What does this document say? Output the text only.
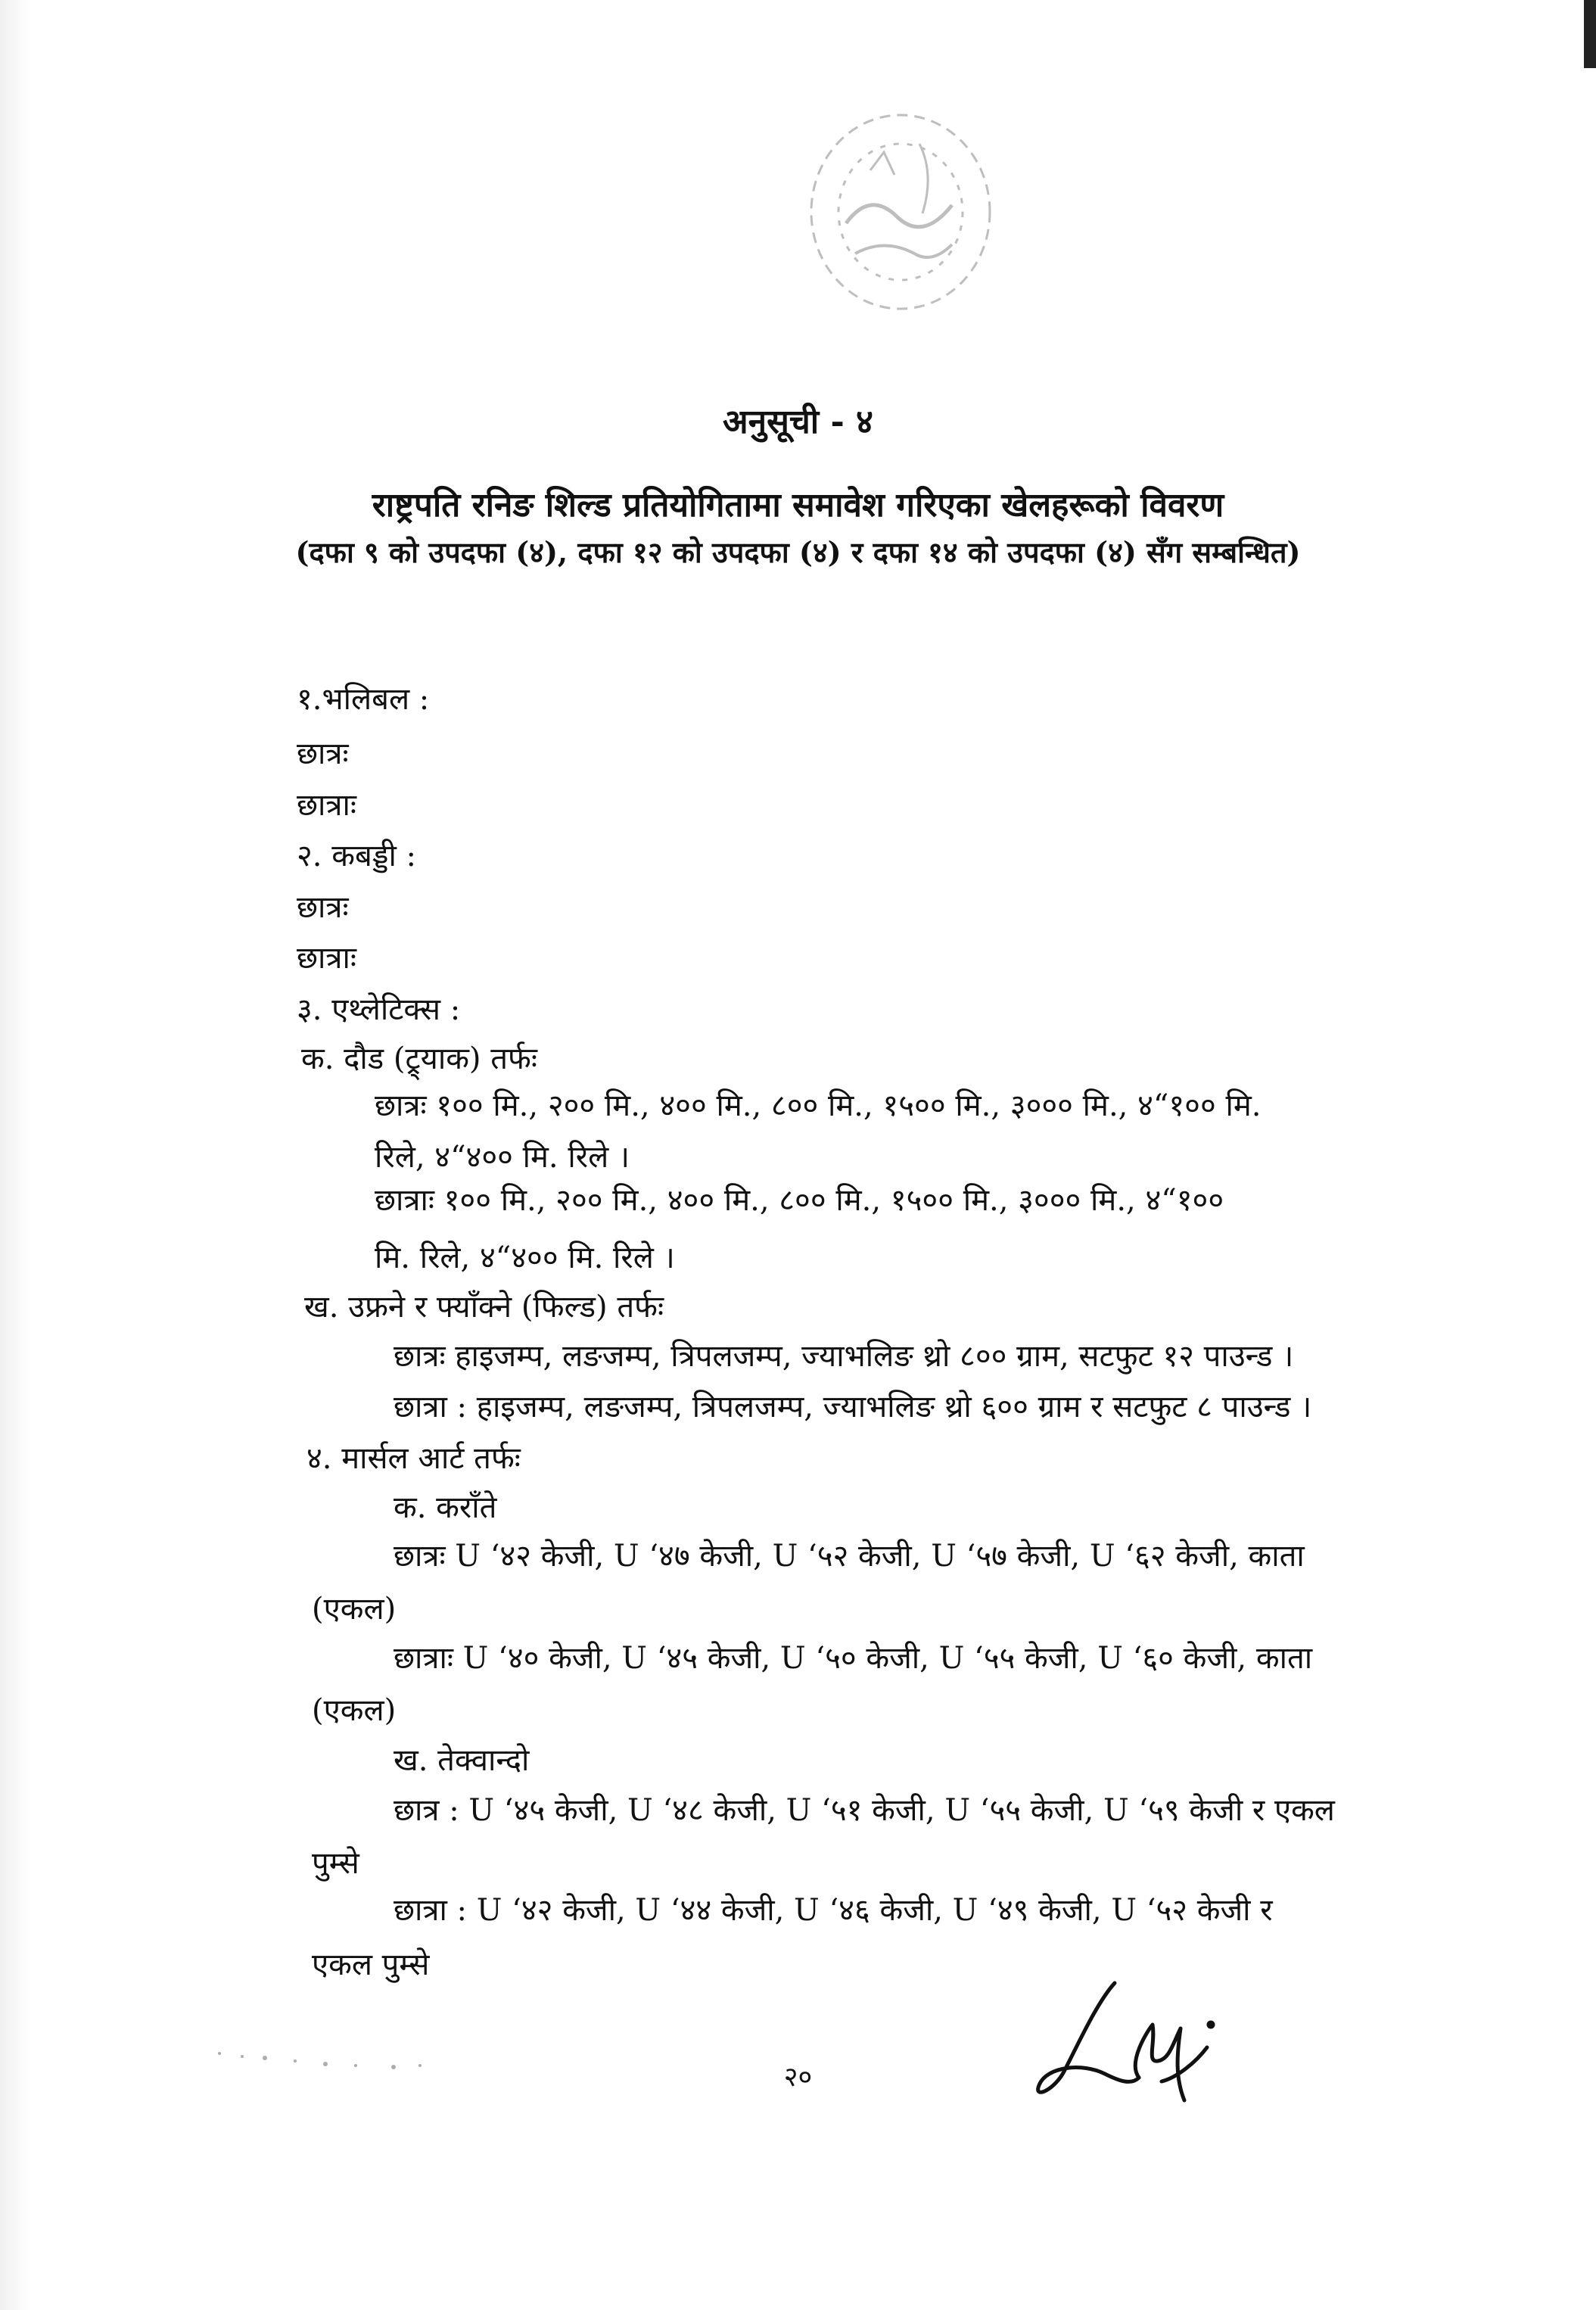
अनुसूची - ४
राष्ट्रपति रनिङ शिल्ड प्रतियोगितामा समावेश गरिएका खेलहरूको विवरण
(दफा ९ को उपदफा (४), दफा १२ को उपदफा (४) र दफा १४ को उपदफा (४) सँग सम्बन्धित)
१.भलिबल :
छात्रः
छात्राः
२. कबड्डी :
छात्रः
छात्राः
३. एथ्लेटिक्स :
क. दौड (ट्र्याक) तर्फः
छात्रः १०० मि., २०० मि., ४०० मि., ८०० मि., १५०० मि., ३००० मि., ४“१०० मि.
रिले, ४“४०० मि. रिले ।
छात्राः १०० मि., २०० मि., ४०० मि., ८०० मि., १५०० मि., ३००० मि., ४“१००
मि. रिले, ४“४०० मि. रिले ।
ख. उफ्रने र फ्याँक्ने (फिल्ड) तर्फः
छात्रः हाइजम्प, लङजम्प, त्रिपलजम्प, ज्याभलिङ थ्रो ८०० ग्राम, सटफुट १२ पाउन्ड ।
छात्रा : हाइजम्प, लङजम्प, त्रिपलजम्प, ज्याभलिङ थ्रो ६०० ग्राम र सटफुट ८ पाउन्ड ।
४. मार्सल आर्ट तर्फः
क. कराँते
छात्रः U ‘४२ केजी, U ‘४७ केजी, U ‘५२ केजी, U ‘५७ केजी, U ‘६२ केजी, काता
(एकल)
छात्राः U ‘४० केजी, U ‘४५ केजी, U ‘५० केजी, U ‘५५ केजी, U ‘६० केजी, काता
(एकल)
ख. तेक्वान्दो
छात्र : U ‘४५ केजी, U ‘४८ केजी, U ‘५१ केजी, U ‘५५ केजी, U ‘५९ केजी र एकल
पुम्से
छात्रा : U ‘४२ केजी, U ‘४४ केजी, U ‘४६ केजी, U ‘४९ केजी, U ‘५२ केजी र
एकल पुम्से
२०
